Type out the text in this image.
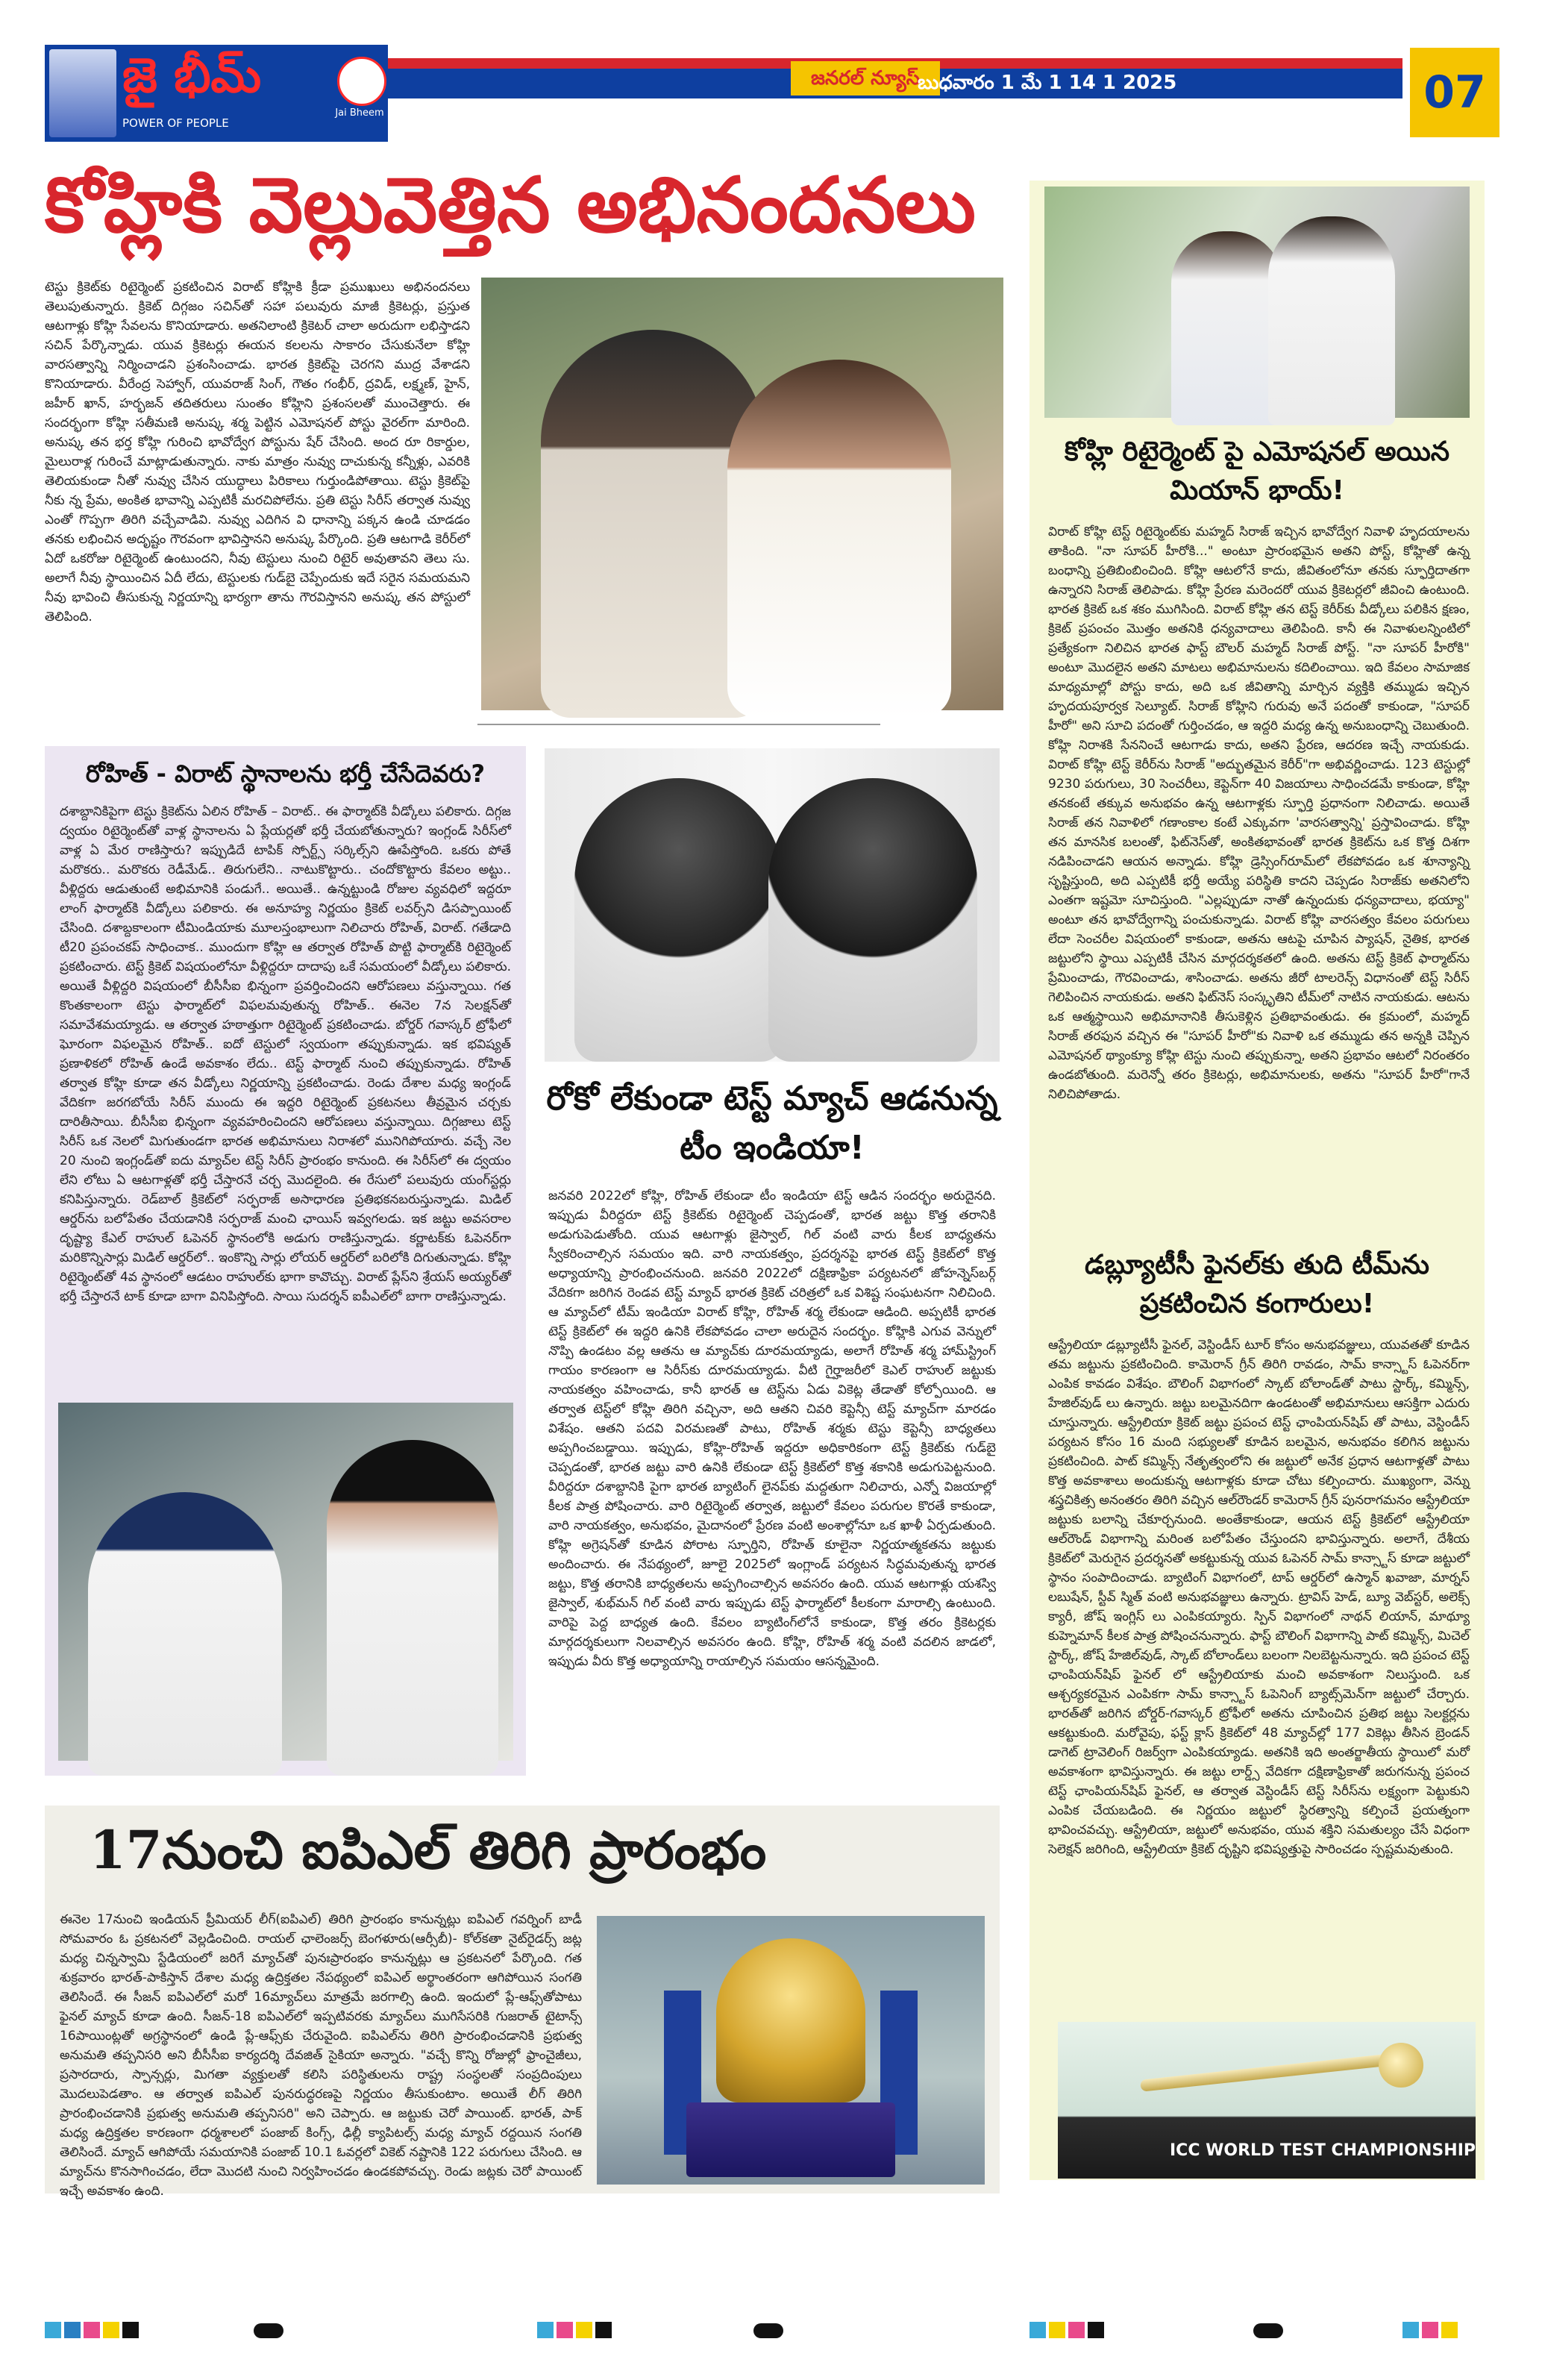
జై భీమ్
POWER OF PEOPLE
Jai Bheem
జనరల్ న్యూస్
బుధవారం 1 మే 1 14 1 2025	07
కోహ్లికి వెల్లువెత్తిన అభినందనలు
టెస్టు క్రికెట్‌కు రిటైర్మెంట్ ప్రకటించిన విరాట్ కోహ్లికి క్రీడా ప్రముఖులు అభినందనలు తెలుపుతున్నారు. క్రికెట్ దిగ్గజం సచిన్‌తో సహా పలువురు మాజీ క్రికెటర్లు, ప్రస్తుత ఆటగాళ్లు కోహ్లి సేవలను కొనియాడారు. అతనిలాంటి క్రికెటర్ చాలా అరుదుగా లభిస్తాడని సచిన్ పేర్కొన్నాడు. యువ క్రికెటర్లు ఈయన కలలను సాకారం చేసుకునేలా కోహ్లి వారసత్వాన్ని నిర్మించాడని ప్రశంసించాడు. భారత క్రికెట్‌పై చెరగని ముద్ర వేశాడని కొనియాడారు. వీరేంద్ర సెహ్వాగ్, యువరాజ్ సింగ్, గౌతం గంభీర్, ద్రవిడ్, లక్ష్మణ్, హైన్, జహీర్ ఖాన్, హర్భజన్ తదితరులు సుంతం కోహ్లిని ప్రశంసలతో ముంచెత్తారు. ఈ సందర్భంగా కోహ్లి సతీమణి అనుష్క శర్మ పెట్టిన ఎమోషనల్ పోస్టు వైరల్‌గా మారింది. అనుష్క తన భర్త కోహ్లి గురించి భావోద్వేగ పోస్టును షేర్ చేసింది. అంద రూ రికార్డుల, మైలురాళ్ల గురించే మాట్లాడుతున్నారు. నాకు మాత్రం నువ్వు దాచుకున్న కన్నీళ్లు, ఎవరికి తెలియకుండా నీతో నువ్వు చేసిన యుద్ధాలు పిరికాలు గుర్తుండిపోతాయి. టెస్టు క్రికెట్‌పై నీకు న్న ప్రేమ, అంకిత భావాన్ని ఎప్పటికీ మరచిపోలేను. ప్రతి టెస్టు సిరీస్ తర్వాత నువ్వు ఎంతో గొప్పగా తిరిగి వచ్చేవాడివి. నువ్వు ఎదిగిన వి ధానాన్ని పక్కన ఉండి చూడడం తనకు లభించిన అదృష్టం గౌరవంగా భావిస్తానని అనుష్క పేర్కొంది. ప్రతి ఆటగాడి కెరీర్‌లో ఏదో ఒకరోజు రిటైర్మెంట్ ఉంటుందని, నీవు టెస్టులు నుంచి రిటైర్ అవుతావని తెలు సు. అలాగే నీవు స్థాయించిన ఏదీ లేదు, టెస్టులకు గుడ్‌బై చెప్పేందుకు ఇదే సరైన సమయమని నీవు భావించి తీసుకున్న నిర్ణయాన్ని భార్యగా తాను గౌరవిస్తానని అనుష్క తన పోస్టులో తెలిపింది.
కోహ్లి రిటైర్మెంట్ పై ఎమోషనల్ అయిన మియాన్ భాయ్!
విరాట్ కోహ్లి టెస్ట్ రిటైర్మెంట్‌కు మహ్మద్ సిరాజ్ ఇచ్చిన భావోద్వేగ నివాళి హృదయాలను తాకింది. "నా సూపర్ హీరోకి..." అంటూ ప్రారంభమైన అతని పోస్ట్, కోహ్లితో ఉన్న బంధాన్ని ప్రతిబింబించింది. కోహ్లి ఆటలోనే కాదు, జీవితంలోనూ తనకు స్ఫూర్తిదాతగా ఉన్నారని సిరాజ్ తెలిపాడు. కోహ్లి ప్రేరణ మరెందరో యువ క్రికెటర్లలో జీవించి ఉంటుంది. భారత క్రికెట్ ఒక శకం ముగిసింది. విరాట్ కోహ్లి తన టెస్ట్ కెరీర్‌కు వీడ్కోలు పలికిన క్షణం, క్రికెట్ ప్రపంచం మొత్తం అతనికి ధన్యవాదాలు తెలిపింది. కానీ ఈ నివాళులన్నింటిలో ప్రత్యేకంగా నిలిచిన భారత ఫాస్ట్ బౌలర్ మహ్మద్ సిరాజ్ పోస్ట్. "నా సూపర్ హీరోకి" అంటూ మొదలైన అతని మాటలు అభిమానులను కదిలించాయి. ఇది కేవలం సామాజిక మాధ్యమాల్లో పోస్టు కాదు, అది ఒక జీవితాన్ని మార్చిన వ్యక్తికి తమ్ముడు ఇచ్చిన హృదయపూర్వక సెల్యూట్. సిరాజ్ కోహ్లిని గురువు అనే పదంతో కాకుండా, "సూపర్ హీరో" అని సూచి పదంతో గుర్తించడం, ఆ ఇద్దరి మధ్య ఉన్న అనుబంధాన్ని చెబుతుంది. కోహ్లి నిరాశకి సేననించే ఆటగాడు కాదు, అతని ప్రేరణ, ఆదరణ ఇచ్చే నాయకుడు. విరాట్ కోహ్లి టెస్ట్ కెరీర్‌ను సిరాజ్ "అద్భుతమైన కెరీర్‌"గా అభివర్ణించాడు. 123 టెస్టుల్లో 9230 పరుగులు, 30 సెంచరీలు, కెప్టెన్‌గా 40 విజయాలు సాధించడమే కాకుండా, కోహ్లి తనకంటే తక్కువ అనుభవం ఉన్న ఆటగాళ్లకు స్ఫూర్తి ప్రధానంగా నిలిచాడు. అయితే సిరాజ్ తన నివాళిలో గణాంకాల కంటే ఎక్కువగా 'వారసత్వాన్ని' ప్రస్తావించాడు. కోహ్లి తన మానసిక బలంతో, ఫిట్‌నెస్‌తో, అంకితభావంతో భారత క్రికెట్‌ను ఒక కొత్త దిశగా నడిపించాడని ఆయన అన్నాడు. కోహ్లి డ్రెస్సింగ్‌రూమ్‌లో లేకపోవడం ఒక శూన్యాన్ని సృష్టిస్తుంది, అది ఎప్పటికీ భర్తీ అయ్యే పరిస్థితి కాదని చెప్పడం సిరాజ్‌కు అతనిలోని ఎంతగా ఇష్టమో సూచిస్తుంది. "ఎల్లప్పుడూ నాతో ఉన్నందుకు ధన్యవాదాలు, భయ్యా" అంటూ తన భావోద్వేగాన్ని పంచుకున్నాడు. విరాట్ కోహ్లి వారసత్వం కేవలం పరుగులు లేదా సెంచరీల విషయంలో కాకుండా, అతను ఆటపై చూపిన ప్యాషన్, నైతిక, భారత జట్టులోని స్థాయి ఎప్పటికీ చేసిన మార్గదర్శకతలో ఉంది. అతను టెస్ట్ క్రికెట్ ఫార్మాట్‌ను ప్రేమించాడు, గౌరవించాడు, శాసించాడు. అతను జీరో టాలరెన్స్ విధానంతో టెస్ట్ సిరీస్ గెలిపించిన నాయకుడు. అతని ఫిట్‌నెస్ సంస్కృతిని టీమ్‌లో నాటిన నాయకుడు. ఆటను ఒక ఆత్మస్థాయిని అభిమానానికి తీసుకెళ్లిన ప్రతిభావంతుడు. ఈ క్రమంలో, మహ్మద్ సిరాజ్ తరఫున వచ్చిన ఈ "సూపర్ హీరో"కు నివాళి ఒక తమ్ముడు తన అన్నకి చెప్పిన ఎమోషనల్ థ్యాంక్యూ కోహ్లి టెస్టు నుంచి తప్పుకున్నా, అతని ప్రభావం ఆటలో నిరంతరం ఉండబోతుంది. మరెన్నో తరం క్రికెటర్లు, అభిమానులకు, అతను "సూపర్ హీరో"గానే నిలిచిపోతాడు.
డబ్ల్యూటీసీ ఫైనల్‌కు తుది టీమ్‌ను ప్రకటించిన కంగారులు!
ఆస్ట్రేలియా డబ్ల్యూటీసీ ఫైనల్, వెస్టిండీస్ టూర్ కోసం అనుభవజ్ఞులు, యువతతో కూడిన తమ జట్టును ప్రకటించింది. కామెరాన్ గ్రీన్ తిరిగి రావడం, సామ్ కాన్స్టాస్ ఓపెనర్‌గా ఎంపిక కావడం విశేషం. బౌలింగ్ విభాగంలో స్కాట్ బోలాండ్‌తో పాటు స్టార్క్, కమ్మిన్స్, హేజిల్‌వుడ్ లు ఉన్నారు. జట్టు బలమైనదిగా ఉండటంతో అభిమానులు ఆసక్తిగా ఎదురు చూస్తున్నారు. ఆస్ట్రేలియా క్రికెట్ జట్టు ప్రపంచ టెస్ట్ ఛాంపియన్‌షిప్ తో పాటు, వెస్టిండీస్ పర్యటన కోసం 16 మంది సభ్యులతో కూడిన బలమైన, అనుభవం కలిగిన జట్టును ప్రకటించింది. పాట్ కమ్మిన్స్ నేతృత్వంలోని ఈ జట్టులో అనేక ప్రధాన ఆటగాళ్లతో పాటు కొత్త అవకాశాలు అందుకున్న ఆటగాళ్లకు కూడా చోటు కల్పించారు. ముఖ్యంగా, వెన్ను శస్త్రచికిత్స అనంతరం తిరిగి వచ్చిన ఆల్‌రౌండర్ కామెరాన్ గ్రీన్ పునరాగమనం ఆస్ట్రేలియా జట్టుకు బలాన్ని చేకూర్చనుంది. అంతేకాకుండా, ఆయన టెస్ట్ క్రికెట్‌లో ఆస్ట్రేలియా ఆల్‌రౌండ్ విభాగాన్ని మరింత బలోపేతం చేస్తుందని భావిస్తున్నారు. అలాగే, దేశీయ క్రికెట్‌లో మెరుగైన ప్రదర్శనతో అకట్టుకున్న యువ ఓపెనర్ సామ్ కాన్స్టాస్ కూడా జట్టులో స్థానం సంపాదించాడు. బ్యాటింగ్ విభాగంలో, టాప్ ఆర్డర్‌లో ఉస్మాన్ ఖవాజా, మార్నస్ లబుషేన్, స్టీవ్ స్మిత్ వంటి అనుభవజ్ఞులు ఉన్నారు. ట్రావిస్ హెడ్, బ్యూ వెబ్‌స్టర్, అలెక్స్ క్యారీ, జోష్ ఇంగ్లిస్ లు ఎంపికయ్యారు. స్పిన్ విభాగంలో నాథన్ లియాన్, మాథ్యూ కుహ్నెమాన్ కీలక పాత్ర పోషించనున్నారు. ఫాస్ట్ బౌలింగ్ విభాగాన్ని పాట్ కమ్మిన్స్, మిచెల్ స్టార్క్, జోష్ హేజిల్‌వుడ్, స్కాట్ బోలాండ్‌లు బలంగా నిలబెట్టనున్నారు. ఇది ప్రపంచ టెస్ట్ ఛాంపియన్‌షిప్ ఫైనల్ లో ఆస్ట్రేలియాకు మంచి అవకాశంగా నిలుస్తుంది. ఒక ఆశ్చర్యకరమైన ఎంపికగా సామ్ కాన్స్టాస్ ఓపెనింగ్ బ్యాట్స్‌మెన్‌గా జట్టులో చేర్చారు. భారత్‌తో జరిగిన బోర్డర్-గవాస్కర్ ట్రోఫీలో అతను చూపించిన ప్రతిభ జట్టు సెలక్టర్లను ఆకట్టుకుంది. మరోవైపు, ఫస్ట్ క్లాస్ క్రికెట్‌లో 48 మ్యాచ్‌ల్లో 177 వికెట్లు తీసిన బ్రెండన్ డాగెట్ ట్రావెలింగ్ రిజర్వ్‌గా ఎంపికయ్యాడు. అతనికి ఇది అంతర్జాతీయ స్థాయిలో మరో అవకాశంగా భావిస్తున్నారు. ఈ జట్టు లార్డ్స్ వేదికగా దక్షిణాఫ్రికాతో జరుగనున్న ప్రపంచ టెస్ట్ ఛాంపియన్‌షిప్ ఫైనల్, ఆ తర్వాత వెస్టిండీస్ టెస్ట్ సిరీస్‌ను లక్ష్యంగా పెట్టుకుని ఎంపిక చేయబడింది. ఈ నిర్ణయం జట్టులో స్థిరత్వాన్ని కల్పించే ప్రయత్నంగా భావించవచ్చు. ఆస్ట్రేలియా, జట్టులో అనుభవం, యువ శక్తిని సమతుల్యం చేసే విధంగా సెలెక్షన్ జరిగింది, ఆస్ట్రేలియా క్రికెట్ దృష్టిని భవిష్యత్తుపై సారించడం స్పష్టమవుతుంది.
ICC WORLD TEST CHAMPIONSHIP
రోహిత్ - విరాట్ స్థానాలను భర్తీ చేసేదెవరు?
దశాబ్దానికిపైగా టెస్టు క్రికెట్‌ను ఏలిన రోహిత్ – విరాట్.. ఈ ఫార్మాట్‌కి వీడ్కోలు పలికారు. దిగ్గజ ద్వయం రిటైర్మెంట్‌తో వాళ్ల స్థానాలను ఏ ప్లేయర్లతో భర్తీ చేయబోతున్నారు? ఇంగ్లండ్ సిరీస్‌లో వాళ్ల ఏ మేర రాణిస్తారు? ఇప్పుడిదే టాపిక్ స్పోర్ట్స్ సర్కిల్స్‌ని ఊపేస్తోంది. ఒకరు పోతే మరొకరు.. మరొకరు రెడీమేడ్.. తిరుగులేని.. నాటుకొట్టారు.. చందోకొట్టారు కేవలం అట్టు.. వీళ్లిద్దరు ఆడుతుంటే అభిమానికి పండుగే.. అయితే.. ఉన్నట్టుండి రోజుల వ్యవధిలో ఇద్దరూ లాంగ్ ఫార్మాట్‌కి వీడ్కోలు పలికారు. ఈ అనూహ్య నిర్ణయం క్రికెట్ లవర్స్‌ని డిసప్పాయింట్ చేసింది. దశాబ్దకాలంగా టీమిండియాకు మూలస్తంభాలుగా నిలిచారు రోహిత్, విరాట్. గతేడాది టీ20 ప్రపంచకప్ సాధించాక.. ముందుగా కోహ్లి ఆ తర్వాత రోహిత్ పొట్టి ఫార్మాట్‌కి రిటైర్మెంట్ ప్రకటించారు. టెస్ట్ క్రికెట్ విషయంలోనూ వీళ్లిద్దరూ దాదాపు ఒకే సమయంలో వీడ్కోలు పలికారు. అయితే వీళ్లిద్దరి విషయంలో బీసీసీఐ భిన్నంగా ప్రవర్తించిందని ఆరోపణలు వస్తున్నాయి. గత కొంతకాలంగా టెస్టు ఫార్మాట్‌లో విఫలమవుతున్న రోహిత్.. ఈనెల 7న సెలక్షన్‌తో సమావేశమయ్యాడు. ఆ తర్వాత హఠాత్తుగా రిటైర్మెంట్ ప్రకటించాడు. బోర్డర్ గవాస్కర్ ట్రోఫీలో ఘోరంగా విఫలమైన రోహిత్.. ఐదో టెస్టులో స్వయంగా తప్పుకున్నాడు. ఇక భవిష్యత్ ప్రణాళికలో రోహిత్ ఉండే అవకాశం లేదు.. టెస్ట్ ఫార్మాట్ నుంచి తప్పుకున్నాడు. రోహిత్ తర్వాత కోహ్లి కూడా తన వీడ్కోలు నిర్ణయాన్ని ప్రకటించాడు. రెండు దేశాల మధ్య ఇంగ్లండ్ వేదికగా జరగబోయే సిరీస్ ముందు ఈ ఇద్దరి రిటైర్మెంట్ ప్రకటనలు తీవ్రమైన చర్చకు దారితీసాయి. బీసీసీఐ భిన్నంగా వ్యవహరించిందని ఆరోపణలు వస్తున్నాయి. దిగ్గజాలు టెస్ట్ సిరీస్ ఒక నెలలో మిగుతుండగా భారత అభిమానులు నిరాశలో మునిగిపోయారు. వచ్చే నెల 20 నుంచి ఇంగ్లండ్‌తో ఐదు మ్యాచ్‌ల టెస్ట్ సిరీస్ ప్రారంభం కానుంది. ఈ సిరీస్‌లో ఈ ద్వయం లేని లోటు ఏ ఆటగాళ్లతో భర్తీ చేస్తారనే చర్చ మొదలైంది. ఈ రేసులో పలువురు యంగ్‌స్టర్లు కనిపిస్తున్నారు. రెడ్‌బాల్ క్రికెట్‌లో సర్ఫరాజ్ అసాధారణ ప్రతిభకనబరుస్తున్నాడు. మిడిల్ ఆర్డర్‌ను బలోపేతం చేయడానికి సర్ఫరాజ్ మంచి ఛాయిస్ ఇవ్వగలడు. ఇక జట్టు అవసరాల దృష్ట్యా కేఎల్ రాహుల్ ఓపెనర్‌ స్థానంలోకి అడుగు రాణిస్తున్నాడు. కర్ణాటక్‌కు ఓపెనర్‌గా మరికొన్నిసార్లు మిడిల్ ఆర్డర్‌లో.. ఇంకొన్ని సార్లు లోయర్ ఆర్డర్‌లో బరిలోకి దిగుతున్నాడు. కోహ్లి రిటైర్మెంట్‌తో 4వ స్థానంలో ఆడటం రాహుల్‌కు భాగా కావొచ్చు. విరాట్ ప్లేస్‌ని శ్రేయస్ అయ్యర్‌తో భర్తీ చేస్తారనే టాక్ కూడా బాగా వినిపిస్తోంది. సాయి సుదర్శన్ ఐపీఎల్‌లో బాగా రాణిస్తున్నాడు.
రోకో లేకుండా టెస్ట్ మ్యాచ్ ఆడనున్న టీం ఇండియా!
జనవరి 2022లో కోహ్లి, రోహిత్ లేకుండా టీం ఇండియా టెస్ట్ ఆడిన సందర్భం అరుదైనది. ఇప్పుడు వీరిద్దరూ టెస్ట్ క్రికెట్‌కు రిటైర్మెంట్ చెప్పడంతో, భారత జట్టు కొత్త తరానికి అడుగుపెడుతోంది. యువ ఆటగాళ్లు జైస్వాల్, గిల్ వంటి వారు కీలక బాధ్యతను స్వీకరించాల్సిన సమయం ఇది. వారి నాయకత్వం, ప్రదర్శనపై భారత టెస్ట్ క్రికెట్‌లో కొత్త అధ్యాయాన్ని ప్రారంభించనుంది. జనవరి 2022లో దక్షిణాఫ్రికా పర్యటనలో జోహన్నెస్‌బర్గ్ వేదికగా జరిగిన రెండవ టెస్ట్ మ్యాచ్ భారత క్రికెట్ చరిత్రలో ఒక విశిష్ట సంఘటనగా నిలిచింది. ఆ మ్యాచ్‌లో టీమ్ ఇండియా విరాట్ కోహ్లి, రోహిత్ శర్మ లేకుండా ఆడింది. అప్పటికీ భారత టెస్ట్ క్రికెట్‌లో ఈ ఇద్దరి ఉనికి లేకపోవడం చాలా అరుదైన సందర్భం. కోహ్లికి ఎగువ వెన్నులో నొప్పి ఉండటం వల్ల ఆతను ఆ మ్యాచ్‌కు దూరమయ్యాడు, అలాగే రోహిత్ శర్మ హామ్‌స్ట్రింగ్ గాయం కారణంగా ఆ సిరీస్‌కు దూరమయ్యాడు. వీటి గైర్హాజరీలో కెఎల్ రాహుల్ జట్టుకు నాయకత్వం వహించాడు, కానీ భారత్ ఆ టెస్ట్‌ను ఏడు వికెట్ల తేడాతో కోల్పోయింది. ఆ తర్వాత టెస్ట్‌లో కోహ్లి తిరిగి వచ్చినా, అది ఆతని చివరి కెప్టెన్సీ టెస్ట్ మ్యాచ్‌గా మారడం విశేషం. ఆతని పదవి విరమణతో పాటు, రోహిత్ శర్మకు టెస్టు కెప్టెన్సీ బాధ్యతలు అప్పగించబడ్డాయి. ఇప్పుడు, కోహ్లి-రోహిత్ ఇద్దరూ అధికారికంగా టెస్ట్ క్రికెట్‌కు గుడ్‌బై చెప్పడంతో, భారత జట్టు వారి ఉనికి లేకుండా టెస్ట్ క్రికెట్‌లో కొత్త శకానికి అడుగుపెట్టనుంది. వీరిద్దరూ దశాబ్దానికి పైగా భారత బ్యాటింగ్ లైనప్‌కు మద్దతుగా నిలిచారు, ఎన్నో విజయాల్లో కీలక పాత్ర పోషించారు. వారి రిటైర్మెంట్ తర్వాత, జట్టులో కేవలం పరుగుల కొరతే కాకుండా, వారి నాయకత్వం, అనుభవం, మైదానంలో ప్రేరణ వంటి అంశాల్లోనూ ఒక ఖాళీ ఏర్పడుతుంది. కోహ్లి అగ్రెషన్‌తో కూడిన పోరాట స్ఫూర్తిని, రోహిత్ కూలైనా నిర్ణయాత్మకతను జట్టుకు అందించారు. ఈ నేపథ్యంలో, జూలై 2025లో ఇంగ్లాండ్ పర్యటన సిద్ధమవుతున్న భారత జట్టు, కొత్త తరానికి బాధ్యతలను అప్పగించాల్సిన అవసరం ఉంది. యువ ఆటగాళ్లు యశస్వి జైస్వాల్, శుభ్‌మన్ గిల్ వంటి వారు ఇప్పుడు టెస్ట్ ఫార్మాట్‌లో కీలకంగా మారాల్సి ఉంటుంది. వారిపై పెద్ద బాధ్యత ఉంది. కేవలం బ్యాటింగ్‌లోనే కాకుండా, కొత్త తరం క్రికెటర్లకు మార్గదర్శకులుగా నిలవాల్సిన అవసరం ఉంది. కోహ్లి, రోహిత్ శర్మ వంటి వదలిన జాడలో, ఇప్పుడు వీరు కొత్త అధ్యాయాన్ని రాయాల్సిన సమయం ఆసన్నమైంది.
17నుంచి ఐపిఎల్ తిరిగి ప్రారంభం
ఈనెల 17నుంచి ఇండియన్ ప్రీమియర్ లీగ్(ఐపిఎల్) తిరిగి ప్రారంభం కానున్నట్లు ఐపిఎల్ గవర్నింగ్ బాడీ సోమవారం ఓ ప్రకటనలో వెల్లడించింది. రాయల్ ఛాలెంజర్స్ బెంగళూరు(ఆర్సీబీ)- కోల్‌కతా నైట్‌రైడర్స్ జట్ల మధ్య చిన్నస్వామి స్టేడియంలో జరిగే మ్యాచ్‌తో పునఃప్రారంభం కానున్నట్లు ఆ ప్రకటనలో పేర్కొంది. గత శుక్రవారం భారత్-పాకిస్తాన్ దేశాల మధ్య ఉద్రిక్తతల నేపథ్యంలో ఐపిఎల్ అర్థాంతరంగా ఆగిపోయిన సంగతి తెలిసిందే. ఈ సీజన్ ఐపిఎల్‌లో మరో 16మ్యాచ్‌లు మాత్రమే జరగాల్సి ఉంది. ఇందులో ప్లే-ఆఫ్స్‌తోపాటు ఫైనల్ మ్యాచ్ కూడా ఉంది. సీజన్-18 ఐపిఎల్‌లో ఇప్పటివరకు మ్యాచ్‌లు ముగిసేసరికి గుజరాత్ టైటాన్స్ 16పాయింట్లతో అగ్రస్థానంలో ఉండి ప్లే-ఆఫ్స్‌కు చేరువైంది. ఐపిఎల్‌ను తిరిగి ప్రారంభించడానికి ప్రభుత్వ అనుమతి తప్పనిసరి అని బీసీసీఐ కార్యదర్శి దేవజిత్ సైకియా అన్నారు. "వచ్చే కొన్ని రోజుల్లో ఫ్రాంచైజీలు, ప్రసారదారు, స్పాన్సర్లు, మిగతా వ్యక్తులతో కలిసి పరిస్థితులను రాష్ట్ర సంస్థలతో సంప్రదింపులు మొదలుపెడతాం. ఆ తర్వాత ఐపిఎల్ పునరుద్ధరణపై నిర్ణయం తీసుకుంటాం. అయితే లీగ్ తిరిగి ప్రారంభించడానికి ప్రభుత్వ అనుమతి తప్పనిసరి" అని చెప్పారు. ఆ జట్టుకు చెరో పాయింట్. భారత్, పాక్ మధ్య ఉద్రిక్తతల కారణంగా ధర్మశాలలో పంజాబ్ కింగ్స్, ఢిల్లీ క్యాపిటల్స్ మధ్య మ్యాచ్ రద్దయిన సంగతి తెలిసిందే. మ్యాచ్ ఆగిపోయే సమయానికి పంజాబ్ 10.1 ఓవర్లలో వికెట్ నష్టానికి 122 పరుగులు చేసింది. ఆ మ్యాచ్‌ను కొనసాగించడం, లేదా మొదటి నుంచి నిర్వహించడం ఉండకపోవచ్చు. రెండు జట్లకు చెరో పాయింట్ ఇచ్చే అవకాశం ఉంది.
